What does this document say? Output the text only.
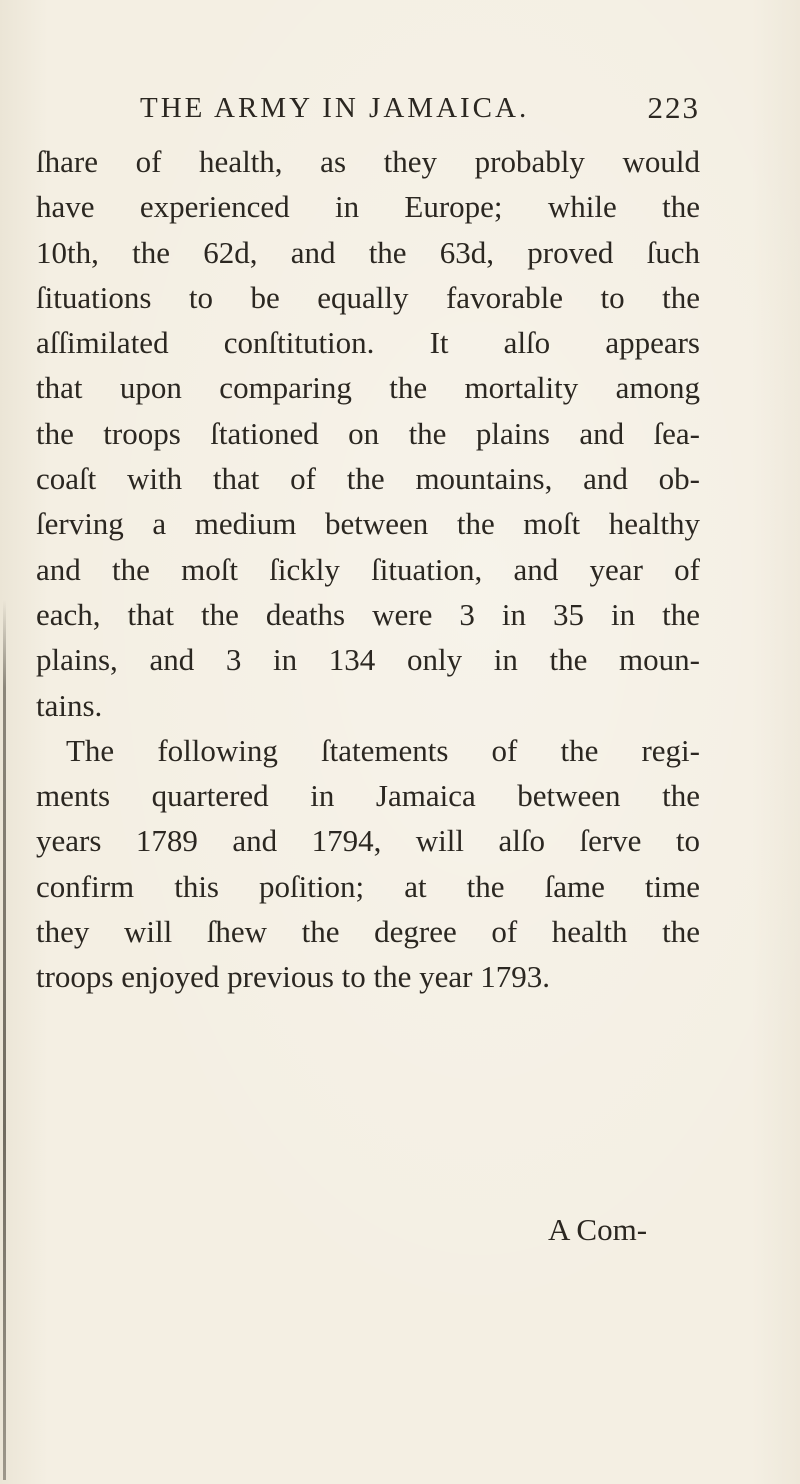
THE ARMY IN JAMAICA.	223
ſhare of health, as they probably would
have experienced in Europe; while the
10th, the 62d, and the 63d, proved ſuch
ſituations to be equally favorable to the
aſſimilated conſtitution. It alſo appears
that upon comparing the mortality among
the troops ſtationed on the plains and ſea-
coaſt with that of the mountains, and ob-
ſerving a medium between the moſt healthy
and the moſt ſickly ſituation, and year of
each, that the deaths were 3 in 35 in the
plains, and 3 in 134 only in the moun-
tains.
The following ſtatements of the regi-
ments quartered in Jamaica between the
years 1789 and 1794, will alſo ſerve to
confirm this poſition; at the ſame time
they will ſhew the degree of health the
troops enjoyed previous to the year 1793.
A Com-
